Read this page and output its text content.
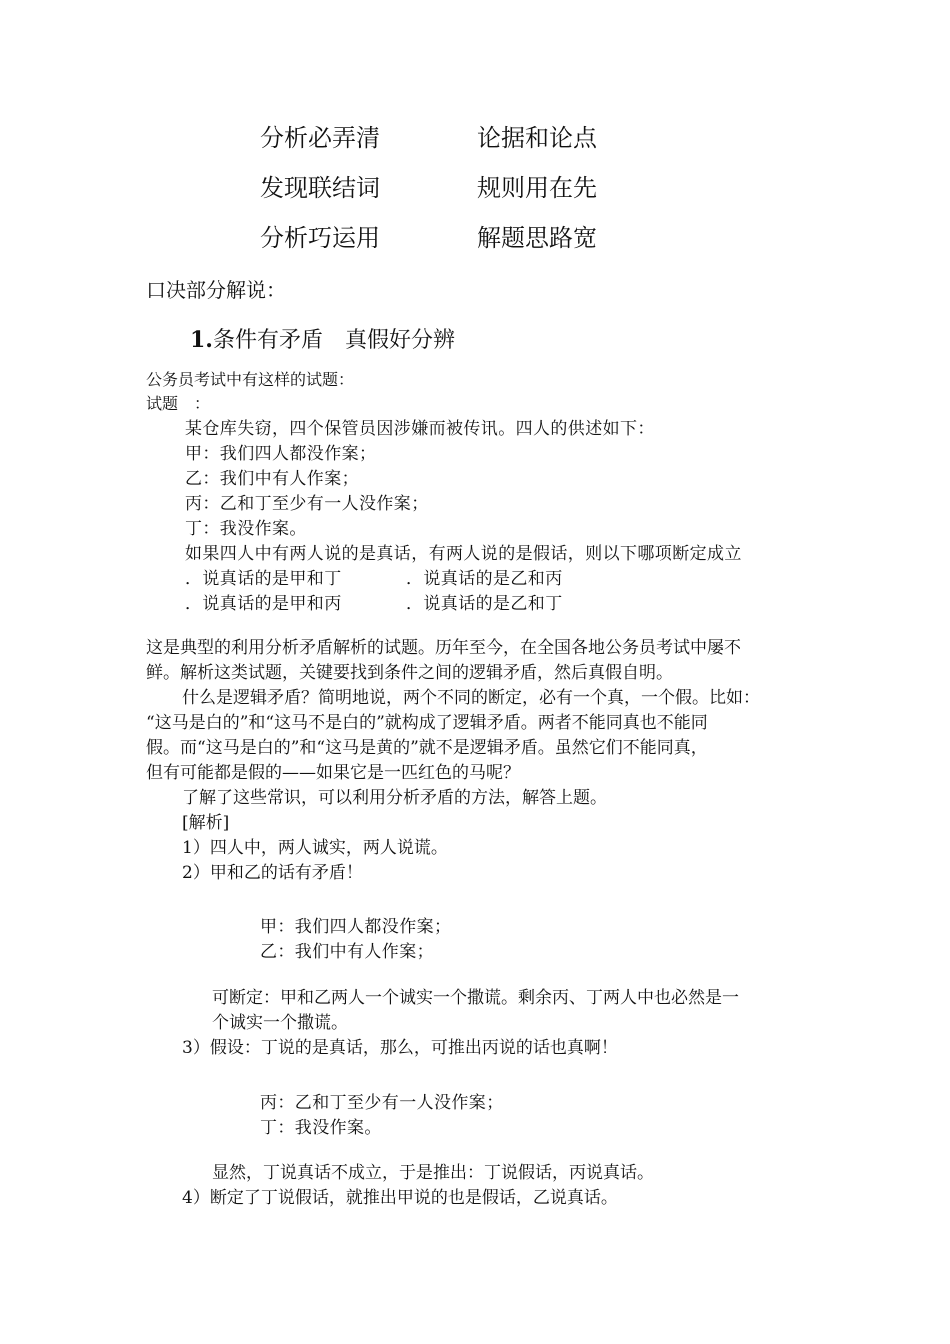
分析必弄清	论据和论点
发现联结词	规则用在先
分析巧运用	解题思路宽
口决部分解说：
1.条件有矛盾　真假好分辨
公务员考试中有这样的试题：
试题　：
某仓库失窃，四个保管员因涉嫌而被传讯。四人的供述如下：
甲：我们四人都没作案；
乙：我们中有人作案；
丙：乙和丁至少有一人没作案；
丁：我没作案。
如果四人中有两人说的是真话，有两人说的是假话，则以下哪项断定成立
．说真话的是甲和丁	．说真话的是乙和丙
．说真话的是甲和丙	．说真话的是乙和丁
这是典型的利用分析矛盾解析的试题。历年至今，在全国各地公务员考试中屡不
鲜。解析这类试题，关键要找到条件之间的逻辑矛盾，然后真假自明。
什么是逻辑矛盾？简明地说，两个不同的断定，必有一个真，一个假。比如：
“这马是白的”和“这马不是白的”就构成了逻辑矛盾。两者不能同真也不能同
假。而“这马是白的”和“这马是黄的”就不是逻辑矛盾。虽然它们不能同真，
但有可能都是假的——如果它是一匹红色的马呢？
了解了这些常识，可以利用分析矛盾的方法，解答上题。
[解析]
1）四人中，两人诚实，两人说谎。
2）甲和乙的话有矛盾！
甲：我们四人都没作案；
乙：我们中有人作案；
可断定：甲和乙两人一个诚实一个撒谎。剩余丙、丁两人中也必然是一
个诚实一个撒谎。
3）假设：丁说的是真话，那么，可推出丙说的话也真啊！
丙：乙和丁至少有一人没作案；
丁：我没作案。
显然，丁说真话不成立，于是推出：丁说假话，丙说真话。
4）断定了丁说假话，就推出甲说的也是假话，乙说真话。
